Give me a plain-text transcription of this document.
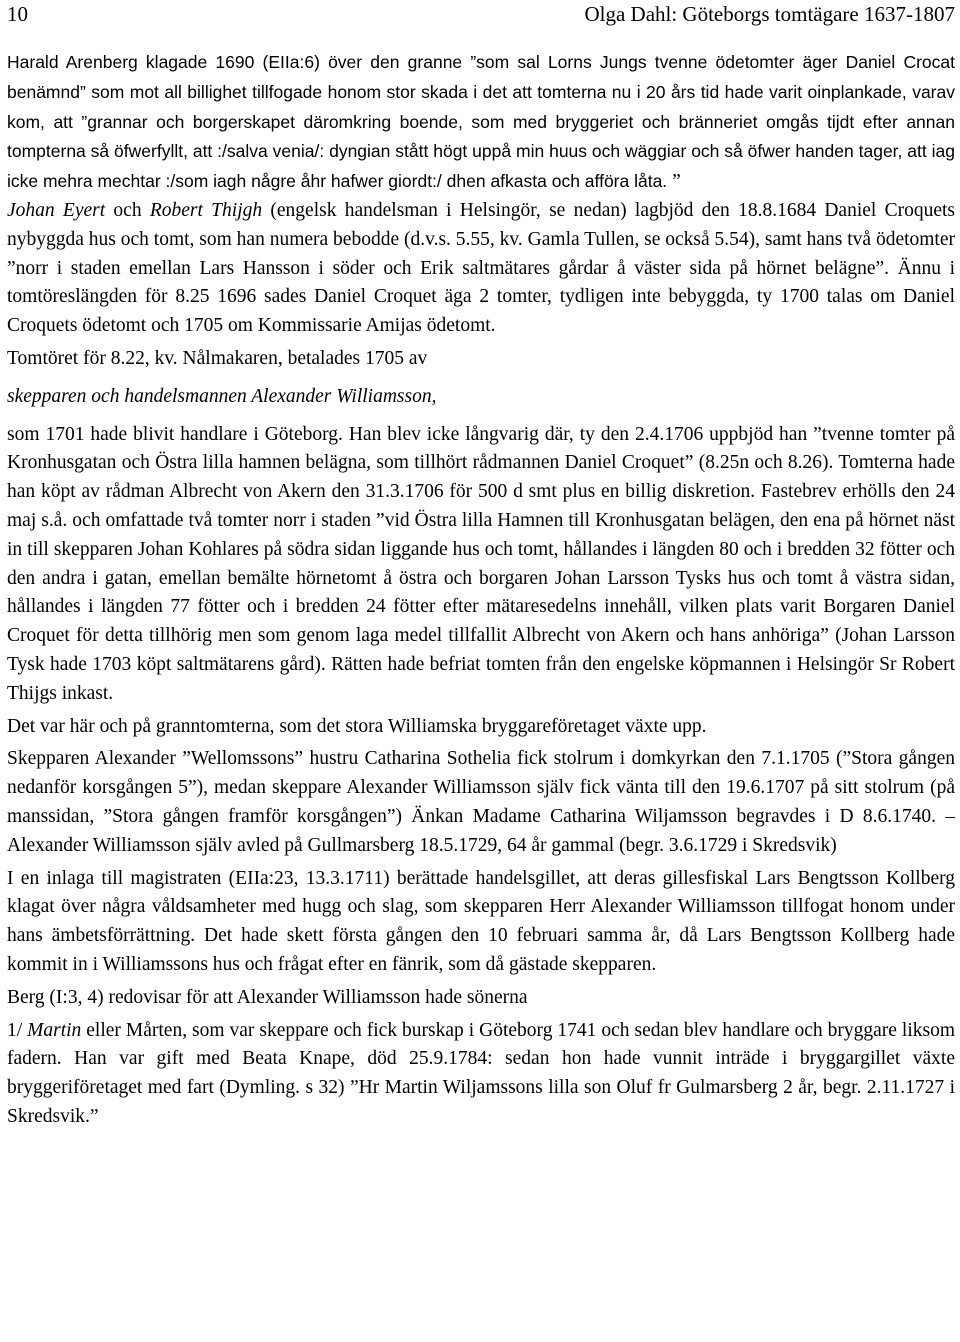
10	Olga Dahl: Göteborgs tomtägare 1637-1807

Harald Arenberg klagade 1690 (EIIa:6) över den granne ”som sal Lorns Jungs tvenne ödetomter äger Daniel Crocat benämnd” som mot all billighet tillfogade honom stor skada i det att tomterna nu i 20 års tid hade varit oinplankade, varav kom, att ”grannar och borgerskapet däromkring boende, som med bryggeriet och bränneriet omgås tijdt efter annan tompterna så öfwerfyllt, att :/salva venia/: dyngian stått högt uppå min huus och wäggiar och så öfwer handen tager, att iag icke mehra mechtar :/som iagh någre åhr hafwer giordt:/ dhen afkasta och afföra låta. ”

Johan Eyert och Robert Thijgh (engelsk handelsman i Helsingör, se nedan) lagbjöd den 18.8.1684 Daniel Croquets nybyggda hus och tomt, som han numera bebodde (d.v.s. 5.55, kv. Gamla Tullen, se också 5.54), samt hans två ödetomter ”norr i staden emellan Lars Hansson i söder och Erik saltmätares gårdar å väster sida på hörnet belägne”. Ännu i tomtöreslängden för 8.25 1696 sades Daniel Croquet äga 2 tomter, tydligen inte bebyggda, ty 1700 talas om Daniel Croquets ödetomt och 1705 om Kommissarie Amijas ödetomt.

Tomtöret för 8.22, kv. Nålmakaren, betalades 1705 av

skepparen och handelsmannen Alexander Williamsson,

som 1701 hade blivit handlare i Göteborg. Han blev icke långvarig där, ty den 2.4.1706 uppbjöd han ”tvenne tomter på Kronhusgatan och Östra lilla hamnen belägna, som tillhört rådmannen Daniel Croquet” (8.25n och 8.26). Tomterna hade han köpt av rådman Albrecht von Akern den 31.3.1706 för 500 d smt plus en billig diskretion. Fastebrev erhölls den 24 maj s.å. och omfattade två tomter norr i staden ”vid Östra lilla Hamnen till Kronhusgatan belägen, den ena på hörnet näst in till skepparen Johan Kohlares på södra sidan liggande hus och tomt, hållandes i längden 80 och i bredden 32 fötter och den andra i gatan, emellan bemälte hörnetomt å östra och borgaren Johan Larsson Tysks hus och tomt å västra sidan, hållandes i längden 77 fötter och i bredden 24 fötter efter mätaresedelns innehåll, vilken plats varit Borgaren Daniel Croquet för detta tillhörig men som genom laga medel tillfallit Albrecht von Akern och hans anhöriga” (Johan Larsson Tysk hade 1703 köpt saltmätarens gård). Rätten hade befriat tomten från den engelske köpmannen i Helsingör Sr Robert Thijgs inkast.

Det var här och på granntomterna, som det stora Williamska bryggareföretaget växte upp.

Skepparen Alexander ”Wellomssons” hustru Catharina Sothelia fick stolrum i domkyrkan den 7.1.1705 (”Stora gången nedanför korsgången 5”), medan skeppare Alexander Williamsson själv fick vänta till den 19.6.1707 på sitt stolrum (på manssidan, ”Stora gången framför korsgången”) Änkan Madame Catharina Wiljamsson begravdes i D 8.6.1740. – Alexander Williamsson själv avled på Gullmarsberg 18.5.1729, 64 år gammal (begr. 3.6.1729 i Skredsvik)

I en inlaga till magistraten (EIIa:23, 13.3.1711) berättade handelsgillet, att deras gillesfiskal Lars Bengtsson Kollberg klagat över några våldsamheter med hugg och slag, som skepparen Herr Alexander Williamsson tillfogat honom under hans ämbetsförrättning. Det hade skett första gången den 10 februari samma år, då Lars Bengtsson Kollberg hade kommit in i Williamssons hus och frågat efter en fänrik, som då gästade skepparen.

Berg (I:3, 4) redovisar för att Alexander Williamsson hade sönerna

1/ Martin eller Mårten, som var skeppare och fick burskap i Göteborg 1741 och sedan blev handlare och bryggare liksom fadern. Han var gift med Beata Knape, död 25.9.1784: sedan hon hade vunnit inträde i bryggargillet växte bryggeriföretaget med fart (Dymling. s 32) ”Hr Martin Wiljamssons lilla son Oluf fr Gulmarsberg 2 år, begr. 2.11.1727 i Skredsvik.”
